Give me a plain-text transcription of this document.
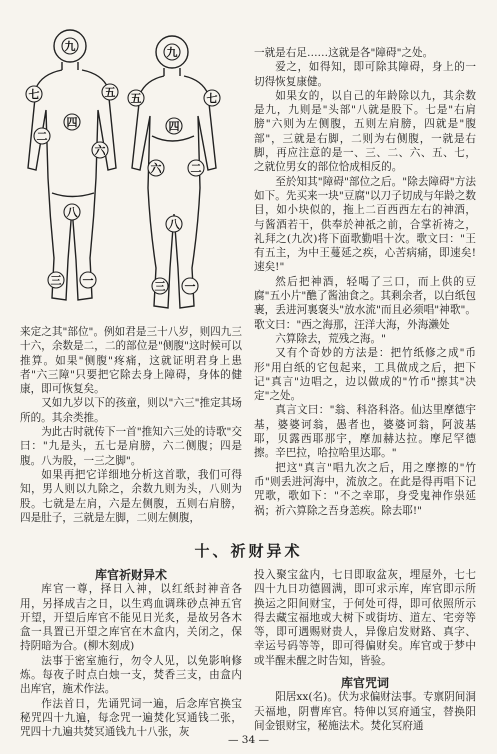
九
五
七
四
二
六
八
三 一
九
五	七
四
六	二
八
三 一

来定之其"部位"。例如君是三十八岁，则四九三十六，余数是二，二的部位是"侧腹"这时候可以推算。如果"侧腹"疼痛，这就证明君身上患者"六三障"只要把它除去身上障碍，身体的健康，即可恢复矣。

又如九岁以下的孩童，则以"六三"推定其场所的。其余类推。

为此古时就传下一首"推知六三处的诗歌"交曰："九是头，五七是肩膀，六二侧腹；四是腹。八为股，一三之脚"。

如果再把它详细地分析这首歌，我们可得知，男人则以九除之，余数九则为头，八则为股。七就是左肩，六是左侧腹，五则右肩膀，四是肚子，三就是左脚，二则左侧腹，

一就是右足……这就是各"障碍"之处。

爱之，如得知，即可除其障碍，身上的一切得恢复康健。

如果女的，以自己的年龄除以九，其余数是九，九则是"头部"八就是股下。七是"右肩膀"六则为左侧腹，五则左肩膀，四就是"腹部"，三就是右脚，二则为右侧腹，一就是右脚，再应注意的是一、三、二、六、五、七，之就位男女的部位恰成相反的。

至於知其"障碍"部位之后。"除去障碍"方法如下。先买来一块"豆腐"以刀子切成与年龄之数目，如小块似的，拖上二百西西左右的神酒，与酱酒若干，供奉於神祇之前，合掌祈祷之，礼拜之(九次)将下面歌勤唱十次。歌文曰："王有五主，为中王蔓延之疾，心苦病痛，即速矣!速矣!"

然后把神酒，轻喝了三口，而上供的豆腐"五小片"醮了酱油食之。其剩余者，以白纸包裹，丢进河裏褒头"放水流"而且必须唱"神歌"。歌文曰："西之海那，汪洋大海，外海濑处

六算除去，荒残之海。"

又有个奇妙的方法是：把竹纸修之成"币形"用白纸的它包起来，工具做成之后，把下记"真言"边唱之，边以做成的"竹币"擦其"决定"之处。

真言文曰："翁、科洛科洛。仙达里摩德宇基，婆婆诃翁，愚者也，婆婆诃翁，阿波基耶，贝露西耶那宇，摩加赫达拉。摩尼罕德擦。辛巴拉，哈拉哈里达耶。"

把这"真言"唱九次之后，用之摩擦的"竹币"则丢进河海中，流放之。在此是得再唱下记咒歌，歌如下："不之幸耶，身受鬼神作祟延祸；祈六算除之吾身恙疾。除去耶!"

十、祈财异术

库官祈财异术

库官一尊，择日入神，以红纸封神音各用，另择成吉之日，以生鸡血调珠砂点神五官开望，开望后库官不能见日光炙，是故另各木盒一具置已开望之库官在木盒内，关闭之，保持阴暗为合。(柳木刻成)

法事于密室施行，勿令人见，以免影响修炼。每夜子时点白烛一支，焚香三支，由盒内出库官，施术作法。

作法首日，先诵咒词一遍，后念库官换宝秘咒四十九遍，每念咒一遍焚化冥通钱二张，咒四十九遍共焚冥通钱九十八张，灰

投入聚宝盆内，七日即取盆灰，埋屋外，七七四十九日功德圆满，即可求示库，库官即示所换运之阳间财宝，于何处可得，即可依照所示得去藏宝福地或大树下或街坊、道左、宅旁等等，即可遇赐财贵人，异像启发财路、真字、幸运号码等等，即可得偏财矣。库官或于梦中或半醒未醒之时告知，皆验。

库官咒词

阳居xx(名)。伏为求偏财法事。专禀阴间洞天福地，阴曹库官。特伸以冥府通宝，替换阳间金银财宝，秘施法术。焚化冥府通

— 34 —
